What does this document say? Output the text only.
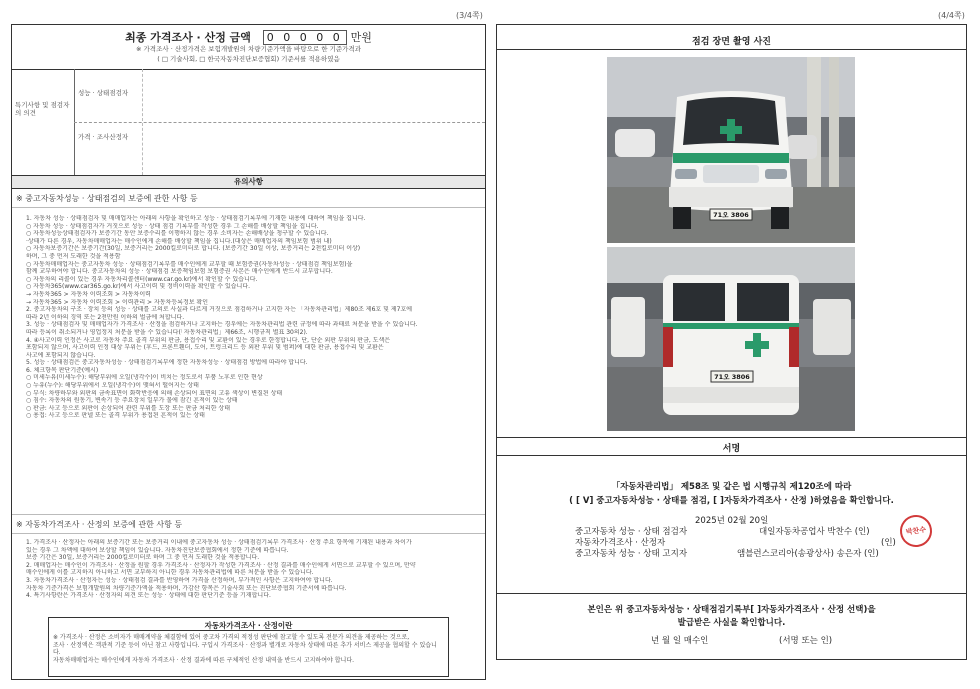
(3/4쪽)
최종 가격조사 · 산정 금액 0 0 0 0 0 만원
※ 가격조사 · 산정가격은 보험개발원의 차량기준가액을 바탕으로 한 기준가격과
( □ 기술사회, □ 한국자동차진단보증협회) 기준서를 적용하였음
특기사항 및 점검자의 의견
성능 · 상태점검자
가격 · 조사산정자
유의사항
※ 중고자동차성능 · 상태점검의 보증에 관한 사항 등
1. 자동차 성능 · 상태점검자 및 매매업자는 아래의 사항을 확인하고 성능 · 상태점검기록부에 기재한 내용에 대하여 책임을 집니다.
○ 자동차 성능 · 상태점검자가 거짓으로 성능 · 상태 점검 기록부를 작성한 경우 그 손해를 배상할 책임을 집니다.
○ 자동차성능상태점검자가 보증기간 동안 보증수리를 이행하지 않는 경우 소비자는 손해배상을 청구할 수 있습니다.
·상태가 다른 경우, 자동차매매업자는 매수인에게 손해를 배상할 책임을 집니다.(대상은 매매업자의 책임보험 범위 내)
○ 자동차보증기간은 보증기간(30일, 보증거리는 2000킬로미터로 합니다. (보증기간 30일 이상, 보증거리는 2천킬로미터 이상)
하며, 그 중 먼저 도래한 것을 적용함
○ 자동차매매업자는 중고자동차 성능 · 상태점검기록부를 매수인에게 교부할 때 보험증권(자동차성능 · 상태점검 책임보험)을
함께 교부하여야 합니다. 중고자동차의 성능 · 상태점검 보증책임보험 보험증권 사본은 매수인에게 반드시 교부합니다.
○ 자동차의 리콜이 있는 경우 자동차리콜센터(www.car.go.kr)에서 확인할 수 있습니다.
○ 자동차365(www.car365.go.kr)에서 사고이력 및 정비이력을 확인할 수 있습니다.
→ 자동차365 > 자동차 이력조회 > 자동차이력
→ 자동차365 > 자동차 이력조회 > 이력관리 > 자동차등록정보 확인
2. 중고자동차의 구조 · 장치 등의 성능 · 상태를 고의로 사실과 다르게 거짓으로 점검하거나 고지한 자는 「자동차관리법」제80조 제6호 및 제7호에
따라 2년 이하의 징역 또는 2천만원 이하의 벌금에 처합니다.
3. 성능 · 상태점검자 및 매매업자가 가격조사 · 산정을 점검하거나 고지하는 경우에는 자동차관리법 관련 규정에 따라 과태료 처분을 받을 수 있습니다.
따라 등록이 취소되거나 영업정지 처분을 받을 수 있습니다(「자동차관리법」제66조, 시행규칙 별표 30의2).
4. ④사고이력 인정은 사고로 자동차 주요 골격 부위의 판금, 용접수리 및 교환이 있는 경우로 한정합니다. 단, 단순 외판 부위의 판금, 도색은
포함되지 않으며, 사고이력 인정 대상 부위는 (후드, 프론트휀더, 도어, 트렁크리드 등 외판 부위 및 범퍼)에 대한 판금, 용접수리 및 교환은
사고에 포함되지 않습니다.
5. 성능 · 상태점검은 중고자동차성능 · 상태점검기록부에 정한 자동차성능 · 상태점검 방법에 따라야 합니다.
6. 체크항목 판단기준(예시)
○ 미세누유(미세누수): 해당부위에 오일(냉각수)이 비치는 정도로서 부품 노후로 인한 현상
○ 누유(누수): 해당부위에서 오일(냉각수)이 맺혀서 떨어지는 상태
○ 부식: 차량하부와 외판의 금속표면이 화학반응에 의해 손상되어 표면의 고유 색상이 변질된 상태
○ 침수: 자동차의 원동기, 변속기 등 주요장치 일부가 물에 잠긴 흔적이 있는 상태
○ 판금: 사고 등으로 외판이 손상되어 관련 부위를 도장 또는 판금 처리한 상태
○ 용접: 사고 등으로 판넬 또는 골격 부위가 용접된 흔적이 있는 상태
※ 자동차가격조사 · 산정의 보증에 관한 사항 등
1. 가격조사 · 산정자는 아래의 보증기간 또는 보증거리 이내에 중고자동차 성능 · 상태점검기록부 가격조사 · 산정 주요 항목에 기재된 내용과 차이가
있는 경우 그 차액에 대하여 보상할 책임이 있습니다. 자동차진단보증협회에서 정한 기준에 따릅니다.
보증 기간은 30일, 보증거리는 2000킬로미터로 하며 그 중 먼저 도래한 것을 적용합니다.
2. 매매업자는 매수인이 가격조사 · 산정을 원할 경우 가격조사 · 산정자가 작성한 가격조사 · 산정 결과를 매수인에게 서면으로 교부할 수 있으며, 만약
매수인에게 이를 고지하지 아니하고 서면 교부하지 아니한 경우 자동차관리법에 따른 처분을 받을 수 있습니다.
3. 자동차가격조사 · 산정자는 성능 · 상태점검 결과를 반영하여 가격을 산정하며, 부가적인 사항은 고지하여야 합니다.
자동차 기준가격은 보험개발원의 차량기준가액을 적용하며, 가감산 항목은 기술사회 또는 진단보증협회 기준서에 따릅니다.
4. 특기사항란은 가격조사 · 산정자의 의견 또는 성능 · 상태에 대한 판단기준 등을 기재합니다.
자동차가격조사 · 산정이란
※ 가격조사 · 산정은 소비자가 매매계약을 체결함에 있어 중고차 가격의 적정성 판단에 참고할 수 있도록 전문가 의견을 제공하는 것으로,
조사 · 산정액은 객관적 기준 등이 아닌 참고 사항입니다. 구입시 가격조사 · 산정과 별개로 자동차 상태에 따른 추가 서비스 제공을 협의할 수 있습니다.
자동차매매업자는 매수인에게 자동차 가격조사 · 산정 결과에 따른 구체적인 산정 내역을 반드시 고지하여야 합니다.
(4/4쪽)
점검 장면 촬영 사진
71오 3806
71오 3806
서명
「자동차관리법」 제58조 및 같은 법 시행규칙 제120조에 따라
( [ V] 중고자동차성능 · 상태를 점검, [ ]자동차가격조사 · 산정 )하였음을 확인합니다.
2025년 02월 20일
중고자동차 성능 · 상태 점검자	대일자동차공업사 박찬수 (인)
자동차가격조사 · 산정자	(인)
중고자동차 성능 · 상태 고지자	앰블런스코리아(송광상사) 송은자 (인)
박찬수
본인은 위 중고자동차성능 · 상태점검기록부[ ]자동차가격조사 · 산정 선택)을
발급받은 사실을 확인합니다.
년 월 일 매수인	(서명 또는 인)
